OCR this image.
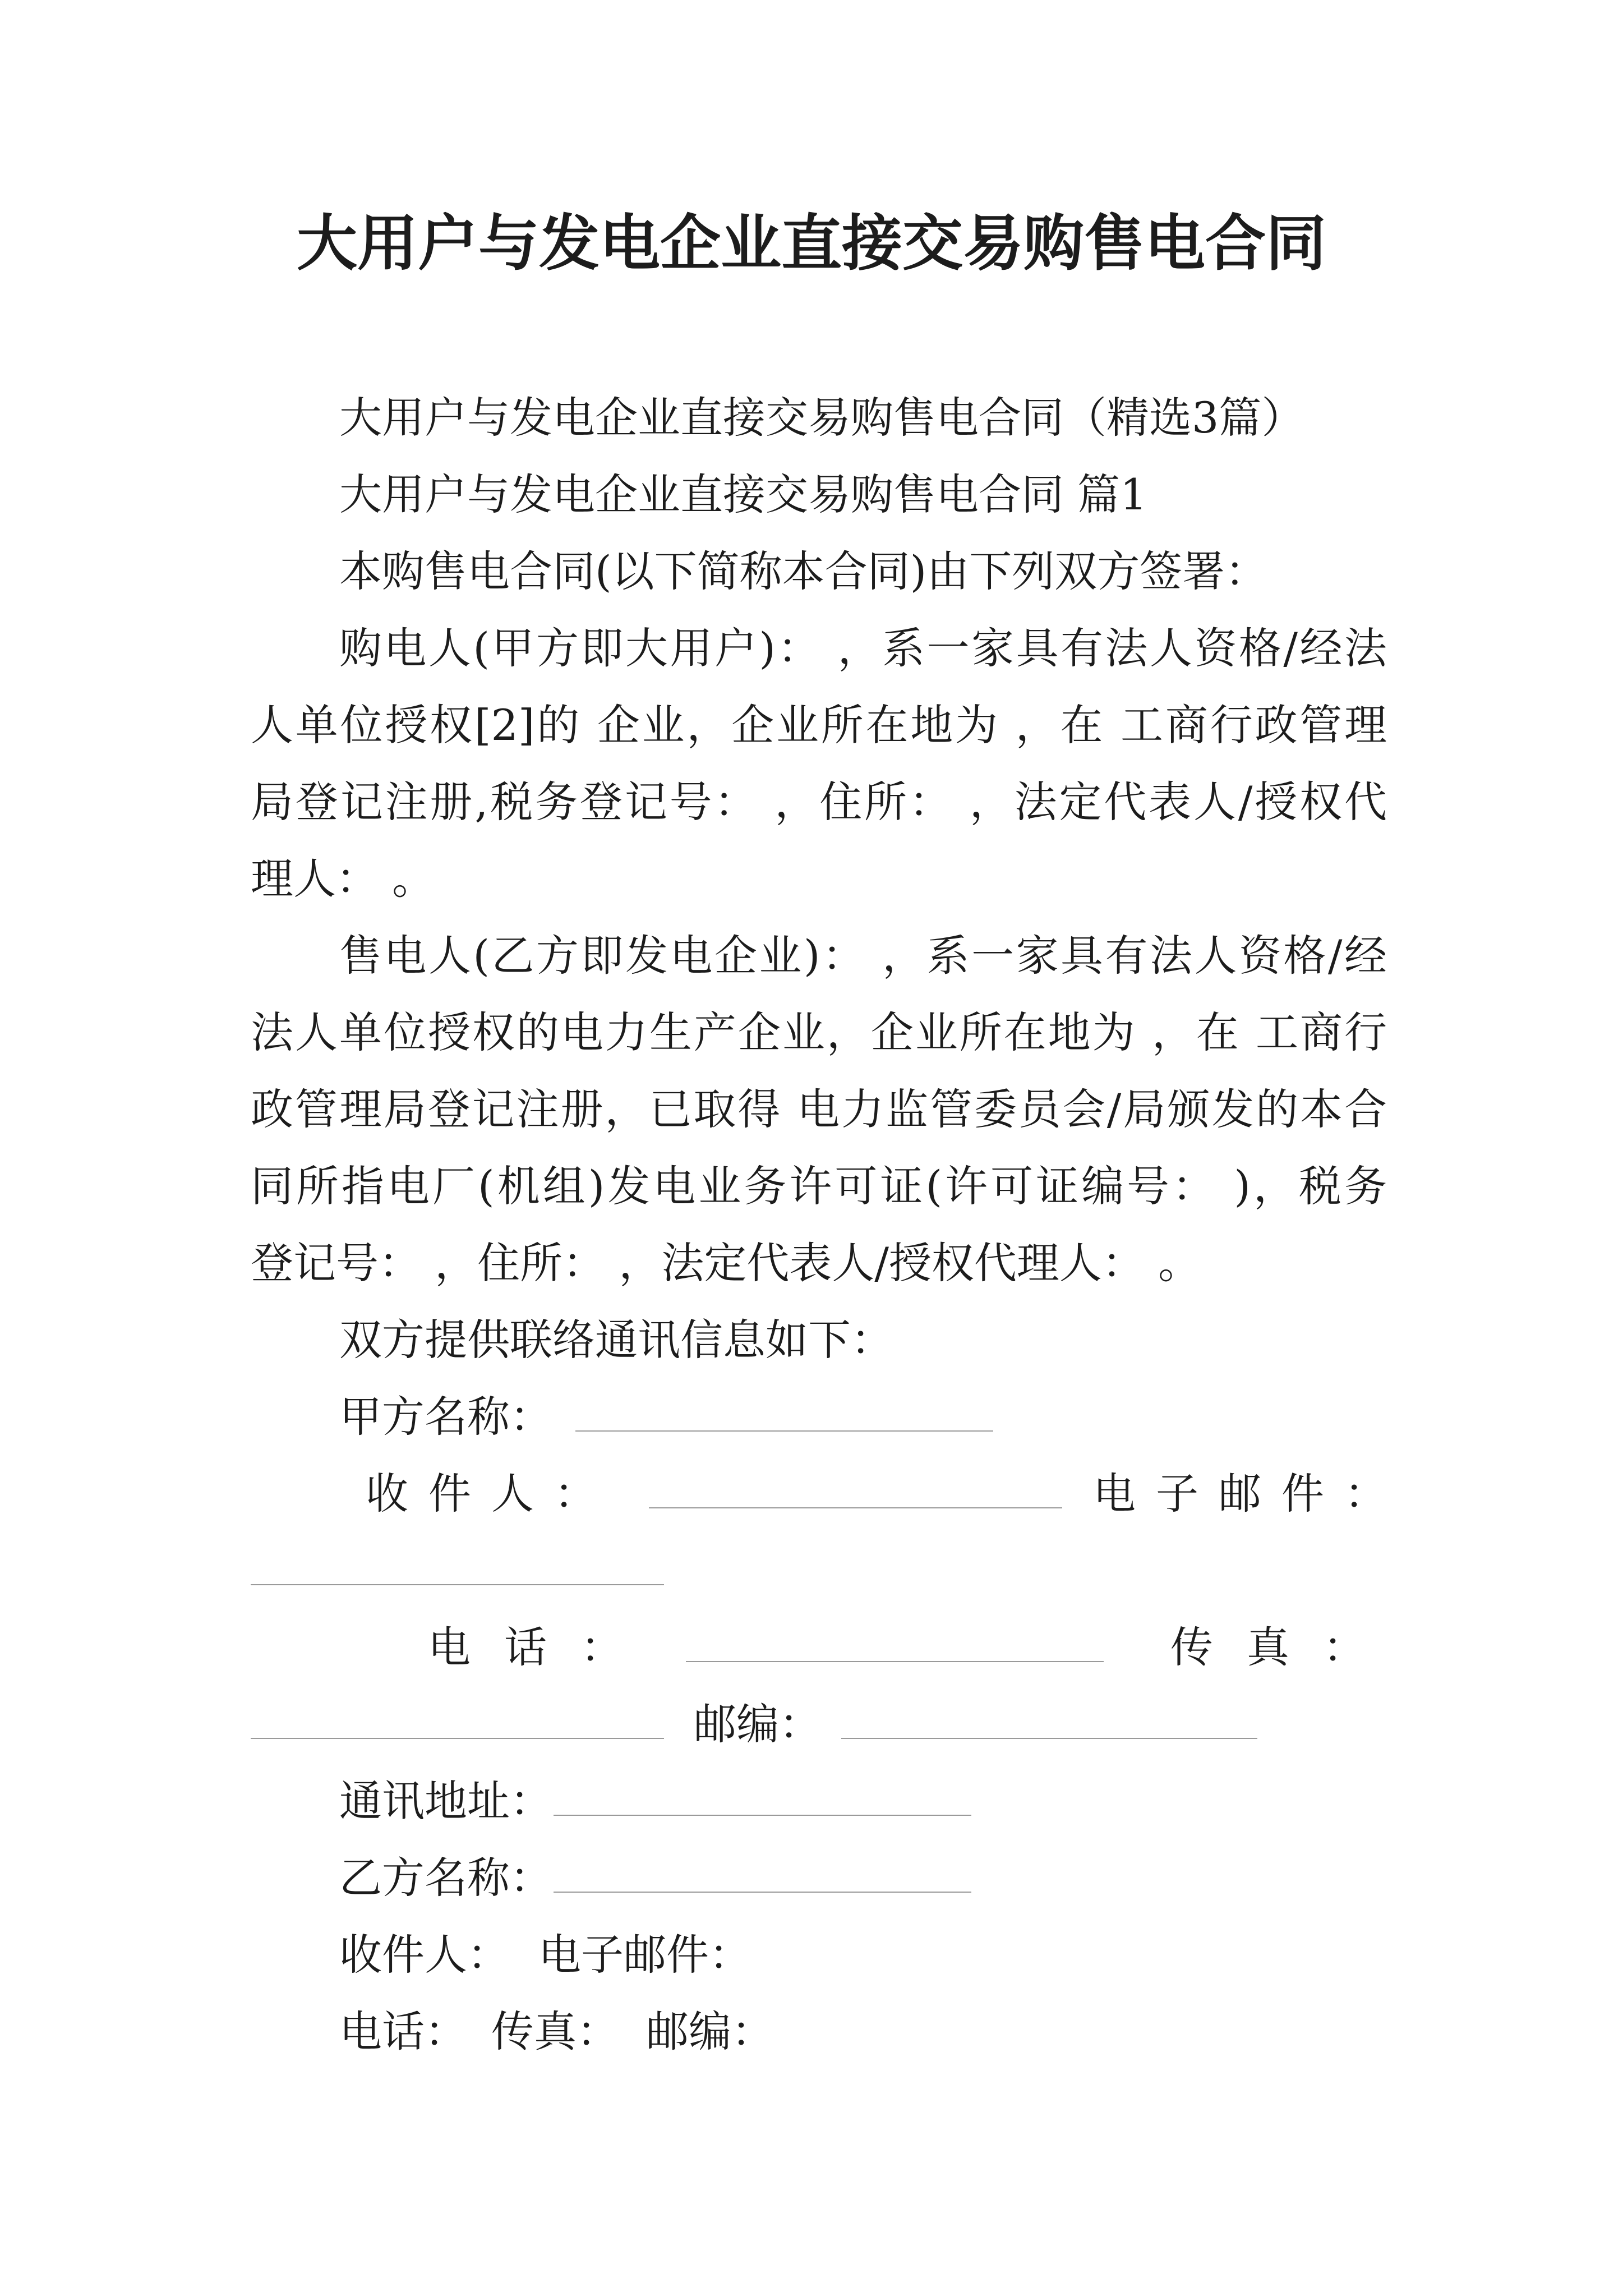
大用户与发电企业直接交易购售电合同
大用户与发电企业直接交易购售电合同（精选3篇）
大用户与发电企业直接交易购售电合同 篇1
本购售电合同(以下简称本合同)由下列双方签署：
购电人(甲方即大用户)： ，系一家具有法人资格/经法
人单位授权[2]的 企业，企业所在地为 ，在 工商行政管理
局登记注册,税务登记号： ，住所： ，法定代表人/授权代
理人： 。
售电人(乙方即发电企业)： ，系一家具有法人资格/经
法人单位授权的电力生产企业，企业所在地为 ，在 工商行
政管理局登记注册，已取得 电力监管委员会/局颁发的本合
同所指电厂(机组)发电业务许可证(许可证编号： )，税务
登记号： ，住所： ，法定代表人/授权代理人： 。
双方提供联络通讯信息如下：
甲方名称：
收件人：	电子邮件：
电话：	传真：
邮编：
通讯地址：
乙方名称：
收件人： 电子邮件：
电话： 传真： 邮编：
